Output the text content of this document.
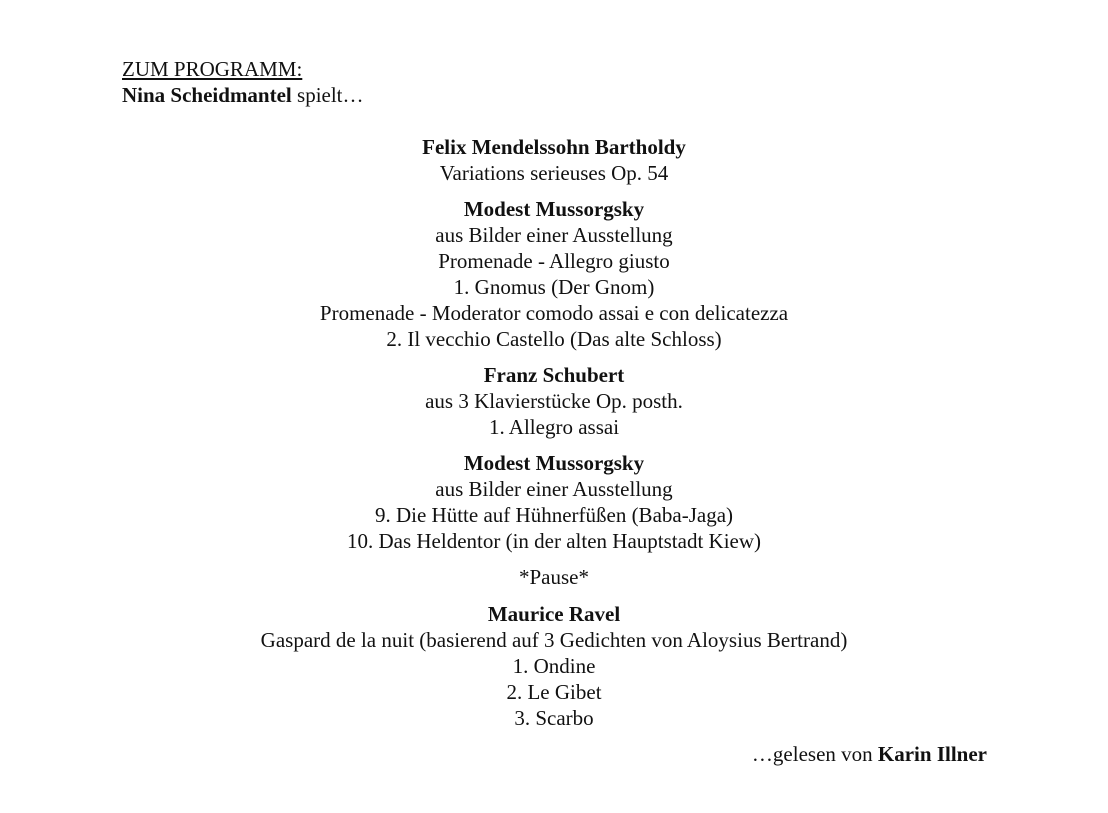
ZUM PROGRAMM:
Nina Scheidmantel spielt…
Felix Mendelssohn Bartholdy
Variations serieuses Op. 54
Modest Mussorgsky
aus Bilder einer Ausstellung
Promenade - Allegro giusto
1. Gnomus (Der Gnom)
Promenade - Moderator comodo assai e con delicatezza
2. Il vecchio Castello (Das alte Schloss)
Franz Schubert
aus 3 Klavierstücke Op. posth.
1. Allegro assai
Modest Mussorgsky
aus Bilder einer Ausstellung
9. Die Hütte auf Hühnerfüßen (Baba-Jaga)
10. Das Heldentor (in der alten Hauptstadt Kiew)
*Pause*
Maurice Ravel
Gaspard de la nuit (basierend auf 3 Gedichten von Aloysius Bertrand)
1. Ondine
2. Le Gibet
3. Scarbo
…gelesen von Karin Illner
